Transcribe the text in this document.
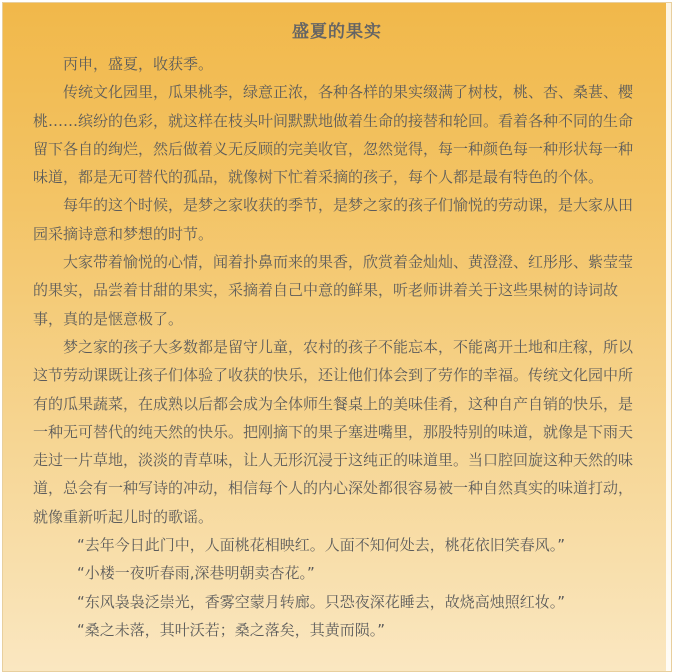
盛夏的果实

丙申，盛夏，收获季。

传统文化园里，瓜果桃李，绿意正浓，各种各样的果实缀满了树枝，桃、杏、桑葚、樱桃……缤纷的色彩，就这样在枝头叶间默默地做着生命的接替和轮回。看着各种不同的生命留下各自的绚烂，然后做着义无反顾的完美收官，忽然觉得，每一种颜色每一种形状每一种味道，都是无可替代的孤品，就像树下忙着采摘的孩子，每个人都是最有特色的个体。

每年的这个时候，是梦之家收获的季节，是梦之家的孩子们愉悦的劳动课，是大家从田园采摘诗意和梦想的时节。

大家带着愉悦的心情，闻着扑鼻而来的果香，欣赏着金灿灿、黄澄澄、红彤彤、紫莹莹的果实，品尝着甘甜的果实，采摘着自己中意的鲜果，听老师讲着关于这些果树的诗词故事，真的是惬意极了。

梦之家的孩子大多数都是留守儿童，农村的孩子不能忘本，不能离开土地和庄稼，所以这节劳动课既让孩子们体验了收获的快乐，还让他们体会到了劳作的幸福。传统文化园中所有的瓜果蔬菜，在成熟以后都会成为全体师生餐桌上的美味佳肴，这种自产自销的快乐，是一种无可替代的纯天然的快乐。把刚摘下的果子塞进嘴里，那股特别的味道，就像是下雨天走过一片草地，淡淡的青草味，让人无形沉浸于这纯正的味道里。当口腔回旋这种天然的味道，总会有一种写诗的冲动，相信每个人的内心深处都很容易被一种自然真实的味道打动，就像重新听起儿时的歌谣。

“去年今日此门中，人面桃花相映红。人面不知何处去，桃花依旧笑春风。”

“小楼一夜听春雨,深巷明朝卖杏花。”

“东风袅袅泛崇光，香雾空蒙月转廊。只恐夜深花睡去，故烧高烛照红妆。”

“桑之未落，其叶沃若；桑之落矣，其黄而陨。”
